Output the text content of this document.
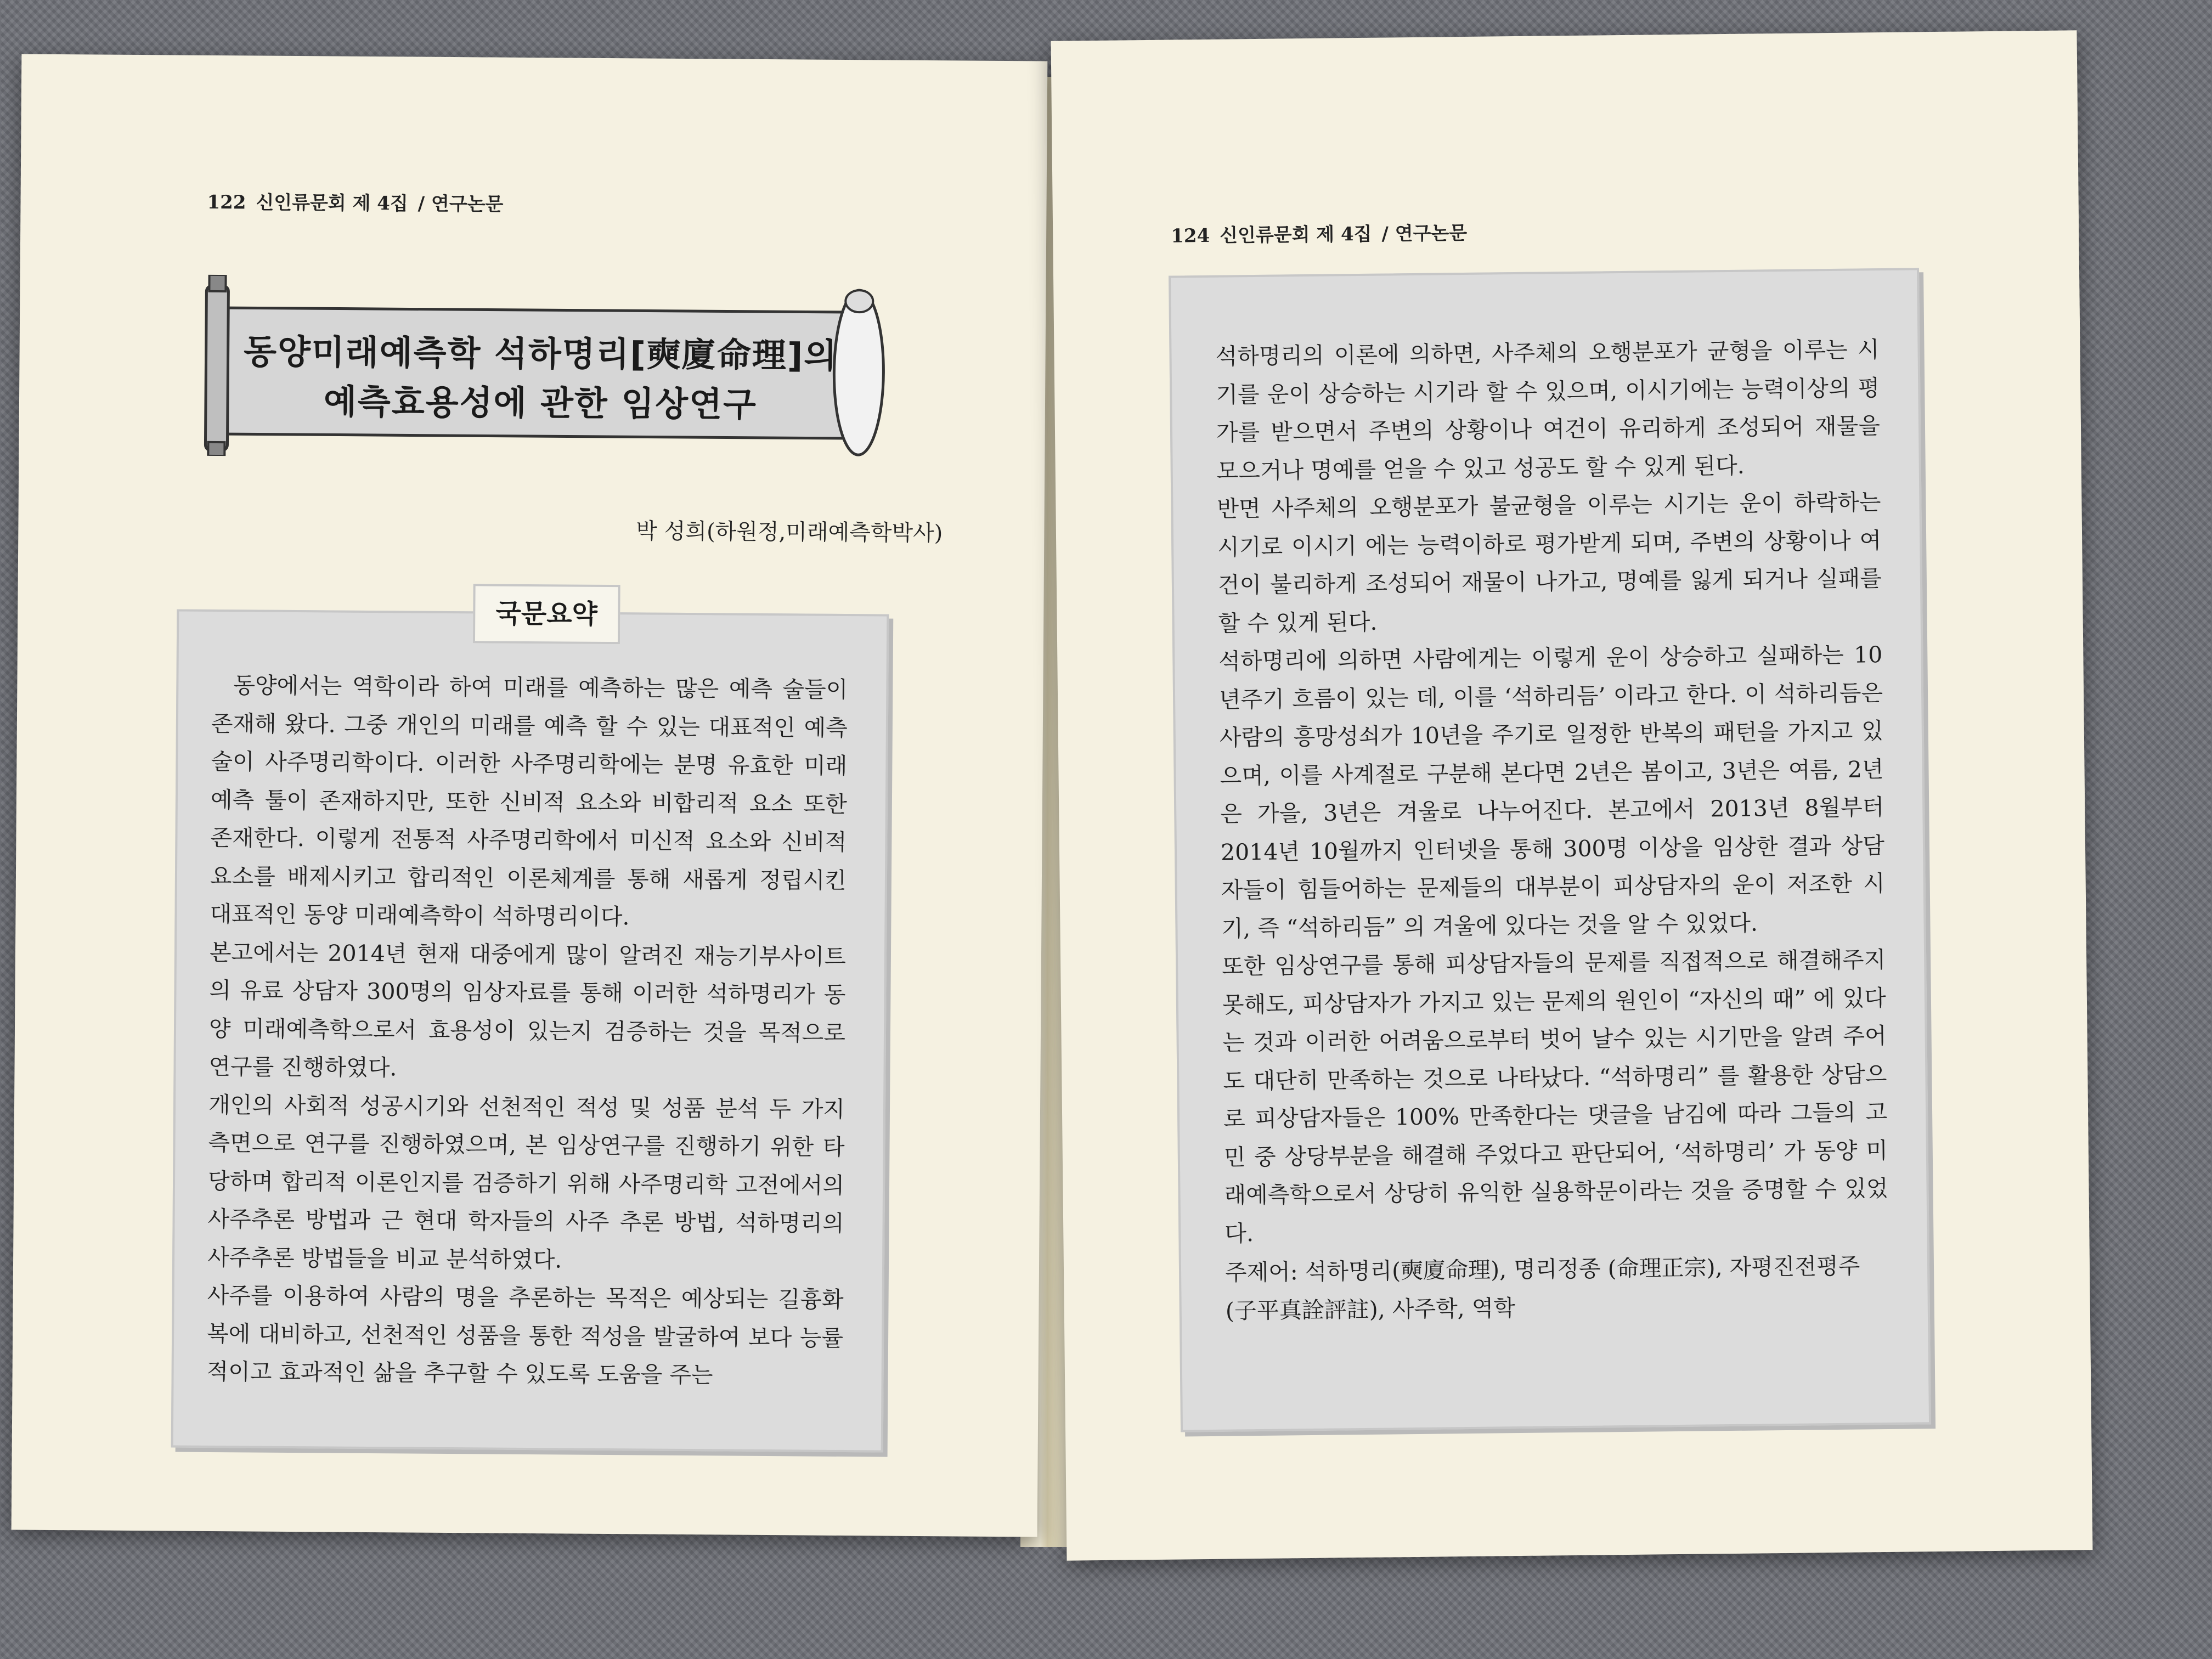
122 신인류문회 제 4집 / 연구논문
동양미래예측학 석하명리[奭廈命理]의
예측효용성에 관한 임상연구
박 성희(하원정,미래예측학박사)
국문요약

동양에서는 역학이라 하여 미래를 예측하는 많은 예측 술들이 존재해 왔다. 그중 개인의 미래를 예측 할 수 있는 대표적인 예측 술이 사주명리학이다. 이러한 사주명리학에는 분명 유효한 미래 예측 툴이 존재하지만, 또한 신비적 요소와 비합리적 요소 또한 존재한다. 이렇게 전통적 사주명리학에서 미신적 요소와 신비적 요소를 배제시키고 합리적인 이론체계를 통해 새롭게 정립시킨 대표적인 동양 미래예측학이 석하명리이다.

본고에서는 2014년 현재 대중에게 많이 알려진 재능기부사이트의 유료 상담자 300명의 임상자료를 통해 이러한 석하명리가 동양 미래예측학으로서 효용성이 있는지 검증하는 것을 목적으로 연구를 진행하였다.

개인의 사회적 성공시기와 선천적인 적성 및 성품 분석 두 가지 측면으로 연구를 진행하였으며, 본 임상연구를 진행하기 위한 타당하며 합리적 이론인지를 검증하기 위해 사주명리학 고전에서의 사주추론 방법과 근 현대 학자들의 사주 추론 방법, 석하명리의 사주추론 방법들을 비교 분석하였다.

사주를 이용하여 사람의 명을 추론하는 목적은 예상되는 길흉화복에 대비하고, 선천적인 성품을 통한 적성을 발굴하여 보다 능률적이고 효과적인 삶을 추구할 수 있도록 도움을 주는

124 신인류문회 제 4집 / 연구논문

석하명리의 이론에 의하면, 사주체의 오행분포가 균형을 이루는 시기를 운이 상승하는 시기라 할 수 있으며, 이시기에는 능력이상의 평가를 받으면서 주변의 상황이나 여건이 유리하게 조성되어 재물을 모으거나 명예를 얻을 수 있고 성공도 할 수 있게 된다.

반면 사주체의 오행분포가 불균형을 이루는 시기는 운이 하락하는 시기로 이시기 에는 능력이하로 평가받게 되며, 주변의 상황이나 여건이 불리하게 조성되어 재물이 나가고, 명예를 잃게 되거나 실패를 할 수 있게 된다.

석하명리에 의하면 사람에게는 이렇게 운이 상승하고 실패하는 10년주기 흐름이 있는 데, 이를 ‘석하리듬’ 이라고 한다. 이 석하리듬은 사람의 흥망성쇠가 10년을 주기로 일정한 반복의 패턴을 가지고 있으며, 이를 사계절로 구분해 본다면 2년은 봄이고, 3년은 여름, 2년은 가을, 3년은 겨울로 나누어진다. 본고에서 2013년 8월부터 2014년 10월까지 인터넷을 통해 300명 이상을 임상한 결과 상담자들이 힘들어하는 문제들의 대부분이 피상담자의 운이 저조한 시기, 즉 “석하리듬” 의 겨울에 있다는 것을 알 수 있었다.

또한 임상연구를 통해 피상담자들의 문제를 직접적으로 해결해주지 못해도, 피상담자가 가지고 있는 문제의 원인이 “자신의 때” 에 있다는 것과 이러한 어려움으로부터 벗어 날수 있는 시기만을 알려 주어도 대단히 만족하는 것으로 나타났다. “석하명리” 를 활용한 상담으로 피상담자들은 100% 만족한다는 댓글을 남김에 따라 그들의 고민 중 상당부분을 해결해 주었다고 판단되어, ‘석하명리’ 가 동양 미래예측학으로서 상당히 유익한 실용학문이라는 것을 증명할 수 있었다.

주제어: 석하명리(奭廈命理), 명리정종 (命理正宗), 자평진전평주(子平真詮評註), 사주학, 역학
